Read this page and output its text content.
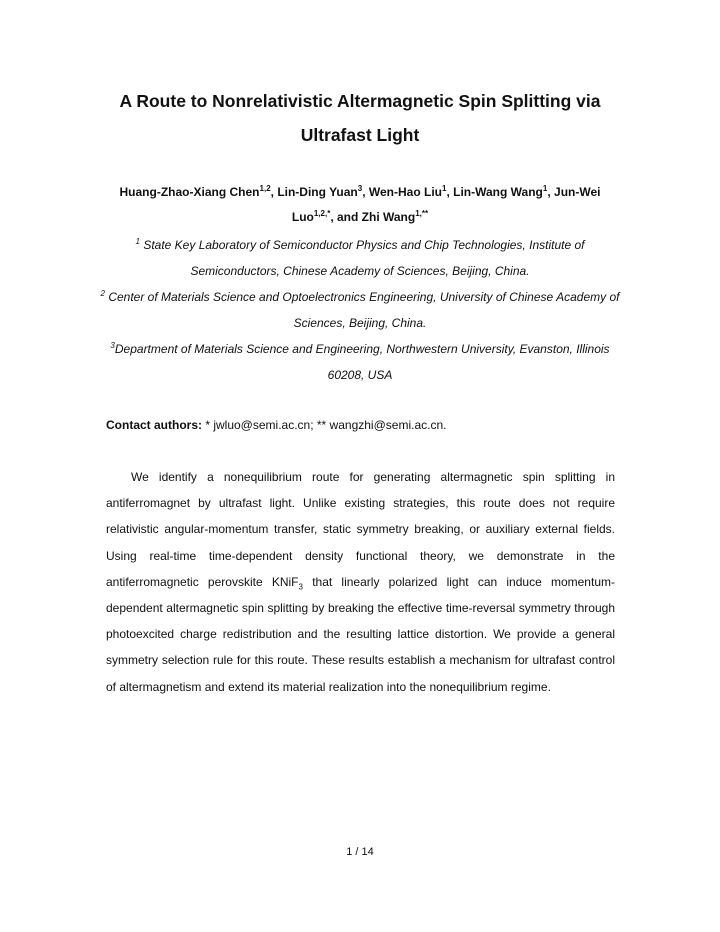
A Route to Nonrelativistic Altermagnetic Spin Splitting via
Ultrafast Light

Huang-Zhao-Xiang Chen$^{1,2}$, Lin-Ding Yuan$^3$, Wen-Hao Liu$^1$, Lin-Wang Wang$^1$, Jun-Wei Luo$^{1,2,*}$, and Zhi Wang$^{1,**}$

$^1$ State Key Laboratory of Semiconductor Physics and Chip Technologies, Institute of Semiconductors, Chinese Academy of Sciences, Beijing, China.

$^2$ Center of Materials Science and Optoelectronics Engineering, University of Chinese Academy of Sciences, Beijing, China.

$^3$Department of Materials Science and Engineering, Northwestern University, Evanston, Illinois 60208, USA

Contact authors: * jwluo@semi.ac.cn; ** wangzhi@semi.ac.cn.

We identify a nonequilibrium route for generating altermagnetic spin splitting in antiferromagnet by ultrafast light. Unlike existing strategies, this route does not require relativistic angular-momentum transfer, static symmetry breaking, or auxiliary external fields. Using real-time time-dependent density functional theory, we demonstrate in the antiferromagnetic perovskite KNiF$_3$ that linearly polarized light can induce momentum-dependent altermagnetic spin splitting by breaking the effective time-reversal symmetry through photoexcited charge redistribution and the resulting lattice distortion. We provide a general symmetry selection rule for this route. These results establish a mechanism for ultrafast control of altermagnetism and extend its material realization into the nonequilibrium regime.

1 / 14
